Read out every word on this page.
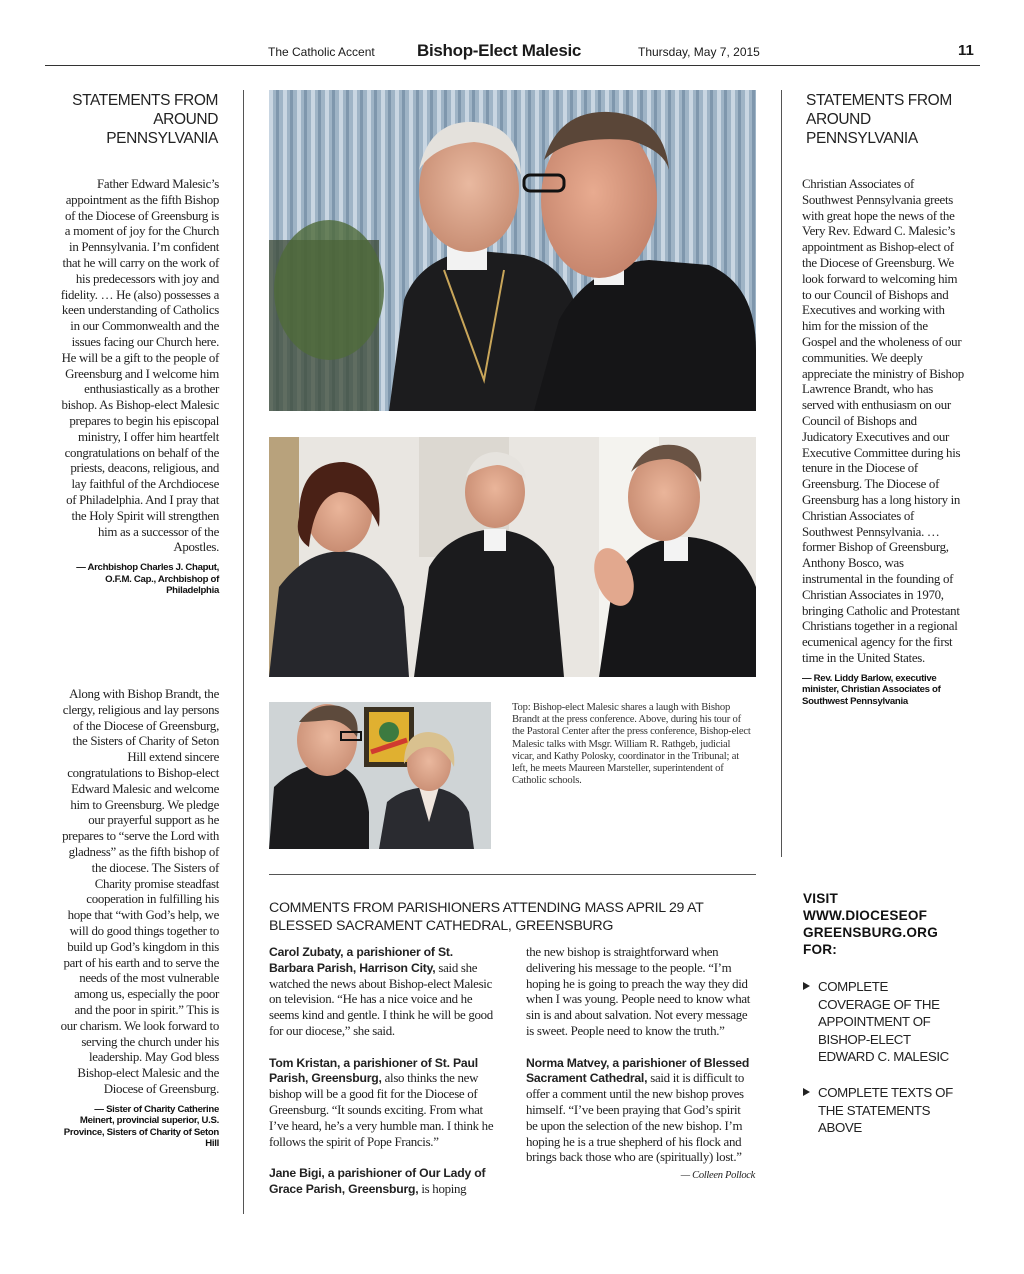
The Catholic Accent Bishop-Elect Malesic	Thursday, May 7, 2015	11
STATEMENTS FROM AROUND PENNSYLVANIA
Father Edward Malesic’s appointment as the fifth Bishop of the Diocese of Greensburg is a moment of joy for the Church in Pennsylvania. I’m confident that he will carry on the work of his predecessors with joy and fidelity. … He (also) possesses a keen understanding of Catholics in our Commonwealth and the issues facing our Church here. He will be a gift to the people of Greensburg and I welcome him enthusiastically as a brother bishop. As Bishop-elect Malesic prepares to begin his episcopal ministry, I offer him heartfelt congratulations on behalf of the priests, deacons, religious, and lay faithful of the Archdiocese of Philadelphia. And I pray that the Holy Spirit will strengthen him as a successor of the Apostles.
— Archbishop Charles J. Chaput, O.F.M. Cap., Archbishop of Philadelphia
Along with Bishop Brandt, the clergy, religious and lay persons of the Diocese of Greensburg, the Sisters of Charity of Seton Hill extend sincere congratulations to Bishop-elect Edward Malesic and welcome him to Greensburg. We pledge our prayerful support as he prepares to “serve the Lord with gladness” as the fifth bishop of the diocese. The Sisters of Charity promise steadfast cooperation in fulfilling his hope that “with God’s help, we will do good things together to build up God’s kingdom in this part of his earth and to serve the needs of the most vulnerable among us, especially the poor and the poor in spirit.” This is our charism. We look forward to serving the church under his leadership. May God bless Bishop-elect Malesic and the Diocese of Greensburg.
— Sister of Charity Catherine Meinert, provincial superior, U.S. Province, Sisters of Charity of Seton Hill
Top: Bishop-elect Malesic shares a laugh with Bishop Brandt at the press conference. Above, during his tour of the Pastoral Center after the press conference, Bishop-elect Malesic talks with Msgr. William R. Rathgeb, judicial vicar, and Kathy Polosky, coordinator in the Tribunal; at left, he meets Maureen Marsteller, superintendent of Catholic schools.
COMMENTS FROM PARISHIONERS ATTENDING MASS APRIL 29 AT BLESSED SACRAMENT CATHEDRAL, GREENSBURG

Carol Zubaty, a parishioner of St. Barbara Parish, Harrison City, said she watched the news about Bishop-elect Malesic on television. “He has a nice voice and he seems kind and gentle. I think he will be good for our diocese,” she said.

Tom Kristan, a parishioner of St. Paul Parish, Greensburg, also thinks the new bishop will be a good fit for the Diocese of Greensburg. “It sounds exciting. From what I’ve heard, he’s a very humble man. I think he follows the spirit of Pope Francis.”

Jane Bigi, a parishioner of Our Lady of Grace Parish, Greensburg, is hoping

the new bishop is straightforward when delivering his message to the people. “I’m hoping he is going to preach the way they did when I was young. People need to know what sin is and about salvation. Not every message is sweet. People need to know the truth.”

Norma Matvey, a parishioner of Blessed Sacrament Cathedral, said it is difficult to offer a comment until the new bishop proves himself. “I’ve been praying that God’s spirit be upon the selection of the new bishop. I’m hoping he is a true shepherd of his flock and brings back those who are (spiritually) lost.”

— Colleen Pollock
STATEMENTS FROM AROUND PENNSYLVANIA
Christian Associates of Southwest Pennsylvania greets with great hope the news of the Very Rev. Edward C. Malesic’s appointment as Bishop-elect of the Diocese of Greensburg. We look forward to welcoming him to our Council of Bishops and Executives and working with him for the mission of the Gospel and the wholeness of our communities. We deeply appreciate the ministry of Bishop Lawrence Brandt, who has served with enthusiasm on our Council of Bishops and Judicatory Executives and our Executive Committee during his tenure in the Diocese of Greensburg. The Diocese of Greensburg has a long history in Christian Associates of Southwest Pennsylvania. … former Bishop of Greensburg, Anthony Bosco, was instrumental in the founding of Christian Associates in 1970, bringing Catholic and Protestant Christians together in a regional ecumenical agency for the first time in the United States.
— Rev. Liddy Barlow, executive minister, Christian Associates of Southwest Pennsylvania
VISIT WWW.DIOCESEOF GREENSBURG.ORG FOR:
COMPLETE COVERAGE OF THE APPOINTMENT OF BISHOP-ELECT EDWARD C. MALESIC
COMPLETE TEXTS OF THE STATEMENTS ABOVE
